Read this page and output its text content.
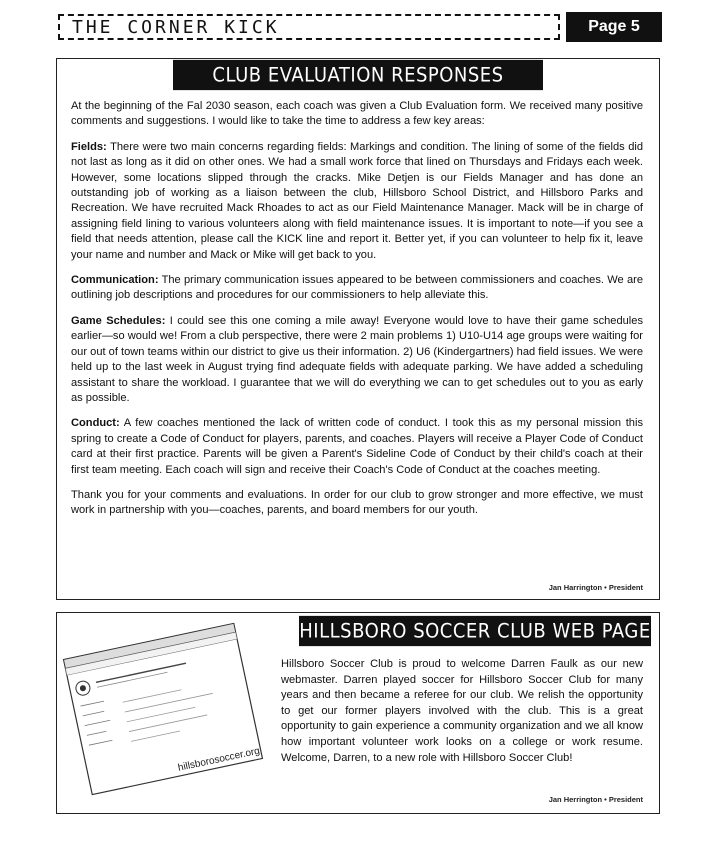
THE CORNER KICK	Page 5
CLUB EVALUATION RESPONSES

At the beginning of the Fal 2030 season, each coach was given a Club Evaluation form. We received many positive comments and suggestions. I would like to take the time to address a few key areas:

Fields: There were two main concerns regarding fields: Markings and condition. The lining of some of the fields did not last as long as it did on other ones. We had a small work force that lined on Thursdays and Fridays each week. However, some locations slipped through the cracks. Mike Detjen is our Fields Manager and has done an outstanding job of working as a liaison between the club, Hillsboro School District, and Hillsboro Parks and Recreation. We have recruited Mack Rhoades to act as our Field Maintenance Manager. Mack will be in charge of assigning field lining to various volunteers along with field maintenance issues. It is important to note—if you see a field that needs attention, please call the KICK line and report it. Better yet, if you can volunteer to help fix it, leave your name and number and Mack or Mike will get back to you.

Communication: The primary communication issues appeared to be between commissioners and coaches. We are outlining job descriptions and procedures for our commissioners to help alleviate this.

Game Schedules: I could see this one coming a mile away! Everyone would love to have their game schedules earlier—so would we! From a club perspective, there were 2 main problems 1) U10-U14 age groups were waiting for our out of town teams within our district to give us their information. 2) U6 (Kindergartners) had field issues. We were held up to the last week in August trying find adequate fields with adequate parking. We have added a scheduling assistant to share the workload. I guarantee that we will do everything we can to get schedules out to you as early as possible.

Conduct: A few coaches mentioned the lack of written code of conduct. I took this as my personal mission this spring to create a Code of Conduct for players, parents, and coaches. Players will receive a Player Code of Conduct card at their first practice. Parents will be given a Parent's Sideline Code of Conduct by their child's coach at their first team meeting. Each coach will sign and receive their Coach's Code of Conduct at the coaches meeting.

Thank you for your comments and evaluations. In order for our club to grow stronger and more effective, we must work in partnership with you—coaches, parents, and board members for our youth.

Jan Harrington • President
HILLSBORO SOCCER CLUB WEB PAGE
hillsborosoccer.org
Hillsboro Soccer Club is proud to welcome Darren Faulk as our new webmaster. Darren played soccer for Hillsboro Soccer Club for many years and then became a referee for our club. We relish the opportunity to get our former players involved with the club. This is a great opportunity to gain experience a community organization and we all know how important volunteer work looks on a college or work resume. Welcome, Darren, to a new role with Hillsboro Soccer Club!
Jan Herrington • President
